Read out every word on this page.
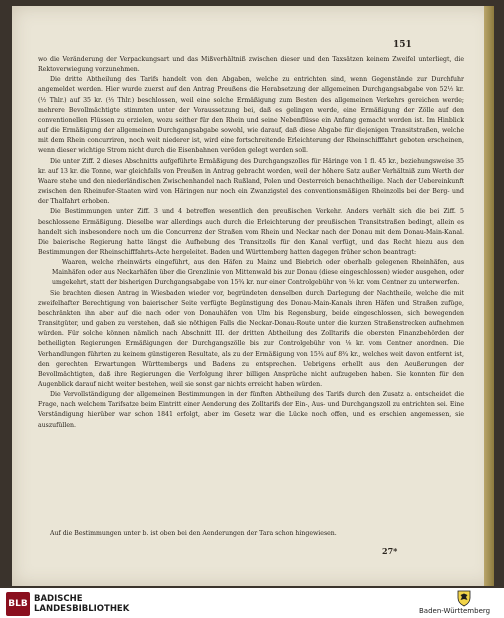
151

wo die Veränderung der Verpackungsart und das Mißverhältniß zwischen dieser und den Taxsätzen keinem Zweifel unterliegt, die Rektoverwiegung vorzunehmen.

Die dritte Abtheilung des Tarifs handelt von den Abgaben, welche zu entrichten sind, wenn Gegenstände zur Durchfuhr angemeldet werden. Hier wurde zuerst auf den Antrag Preußens die Herabsetzung der allgemeinen Durchgangsabgabe von 52½ kr. (½ Thlr.) auf 35 kr. (⅓ Thlr.) beschlossen, weil eine solche Ermäßigung zum Besten des allgemeinen Verkehrs gereichen werde; mehrere Bevollmächtigte stimmten unter der Voraussetzung bei, daß es gelingen werde, eine Ermäßigung der Zölle auf den conventionellen Flüssen zu erzielen, wozu seither für den Rhein und seine Nebenflüsse ein Anfang gemacht worden ist. Im Hinblick auf die Ermäßigung der allgemeinen Durchgangsabgabe sowohl, wie darauf, daß diese Abgabe für diejenigen Transitstraßen, welche mit dem Rhein concurriren, noch weit niederer ist, wird eine fortschreitende Erleichterung der Rheinschifffahrt geboten erscheinen, wenn dieser wichtige Strom nicht durch die Eisenbahnen veröden gelegt werden soll.

Die unter Ziff. 2 dieses Abschnitts aufgeführte Ermäßigung des Durchgangszolles für Häringe von 1 fl. 45 kr., beziehungsweise 35 kr. auf 13 kr. die Tonne, war gleichfalls von Preußen in Antrag gebracht worden, weil der höhere Satz außer Verhältniß zum Werth der Waare stehe und den niederländischen Zwischenhandel nach Rußland, Polen und Oesterreich benachtheilige. Nach der Uebereinkunft zwischen den Rheinufer-Staaten wird von Häringen nur noch ein Zwanzigstel des conventionsmäßigen Rheinzolls bei der Berg- und der Thalfahrt erhoben.

Die Bestimmungen unter Ziff. 3 und 4 betreffen wesentlich den preußischen Verkehr. Anders verhält sich die bei Ziff. 5 beschlossene Ermäßigung. Dieselbe war allerdings auch durch die Erleichterung der preußischen Transitstraßen bedingt, allein es handelt sich insbesondere noch um die Concurrenz der Straßen vom Rhein und Neckar nach der Donau mit dem Donau-Main-Kanal. Die baierische Regierung hatte längst die Aufhebung des Transitzolls für den Kanal verfügt, und das Recht hiezu aus den Bestimmungen der Rheinschifffahrts-Acte hergeleitet. Baden und Württemberg hatten dagegen früher schon beantragt:

Waaren, welche rheinwärts eingeführt, aus den Häfen zu Mainz und Biebrich oder oberhalb gelegenen Rheinhäfen, aus Mainhäfen oder aus Neckarhäfen über die Grenzlinie von Mittenwald bis zur Donau (diese eingeschlossen) wieder ausgehen, oder umgekehrt, statt der bisherigen Durchgangsabgabe von 15¾ kr. nur einer Controlgebühr von ⅛ kr. vom Centner zu unterwerfen.

Sie brachten diesen Antrag in Wiesbaden wieder vor, begründeten denselben durch Darlegung der Nachtheile, welche die mit zweifelhafter Berechtigung von baierischer Seite verfügte Begünstigung des Donau-Main-Kanals ihren Häfen und Straßen zufüge, beschränkten ihn aber auf die nach oder von Donauhäfen von Ulm bis Regensburg, beide eingeschlossen, sich bewegenden Transitgüter, und gaben zu verstehen, daß sie nöthigen Falls die Neckar-Donau-Route unter die kurzen Straßenstrecken aufnehmen würden. Für solche können nämlich nach Abschnitt III. der dritten Abtheilung des Zolltarifs die obersten Finanzbehörden der betheiligten Regierungen Ermäßigungen der Durchgangszölle bis zur Controlgebühr von ⅛ kr. vom Centner anordnen. Die Verhandlungen führten zu keinem günstigeren Resultate, als zu der Ermäßigung von 15¾ auf 8¾ kr., welches weit davon entfernt ist, den gerechten Erwartungen Württembergs und Badens zu entsprechen. Uebrigens erhellt aus den Aeußerungen der Bevollmächtigten, daß ihre Regierungen die Verfolgung ihrer billigen Ansprüche nicht aufzugeben haben. Sie konnten für den Augenblick darauf nicht weiter bestehen, weil sie sonst gar nichts erreicht haben würden.

Die Vervollständigung der allgemeinen Bestimmungen in der fünften Abtheilung des Tarifs durch den Zusatz a. entscheidet die Frage, nach welchem Tarifsatze beim Eintritt einer Aenderung des Zolltarifs der Ein-, Aus- und Durchgangszoll zu entrichten sei. Eine Verständigung hierüber war schon 1841 erfolgt, aber im Gesetz war die Lücke noch offen, und es erschien angemessen, sie auszufüllen.

Auf die Bestimmungen unter b. ist oben bei den Aenderungen der Tara schon hingewiesen.
27*
BLB BADISCHE
LANDESBIBLIOTHEK	Baden-Württemberg
